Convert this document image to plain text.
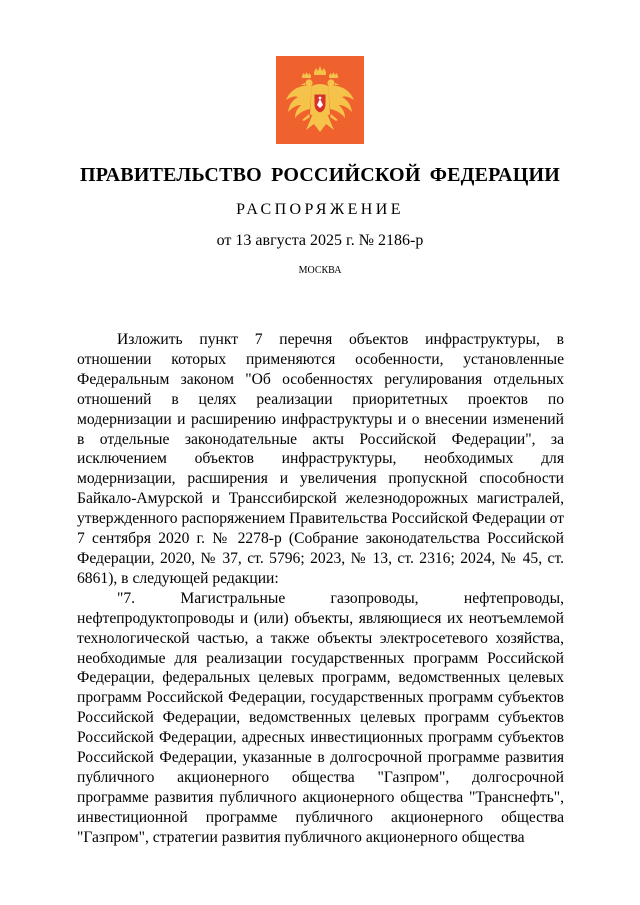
ПРАВИТЕЛЬСТВО РОССИЙСКОЙ ФЕДЕРАЦИИ
РАСПОРЯЖЕНИЕ
от 13 августа 2025 г. № 2186-р
МОСКВА

Изложить пункт 7 перечня объектов инфраструктуры, в отношении которых применяются особенности, установленные Федеральным законом "Об особенностях регулирования отдельных отношений в целях реализации приоритетных проектов по модернизации и расширению инфраструктуры и о внесении изменений в отдельные законодательные акты Российской Федерации", за исключением объектов инфраструктуры, необходимых для модернизации, расширения и увеличения пропускной способности Байкало-Амурской и Транссибирской железнодорожных магистралей, утвержденного распоряжением Правительства Российской Федерации от 7 сентября 2020 г. № 2278-р (Собрание законодательства Российской Федерации, 2020, № 37, ст. 5796; 2023, № 13, ст. 2316; 2024, № 45, ст. 6861), в следующей редакции:

"7. Магистральные газопроводы, нефтепроводы, нефтепродуктопроводы и (или) объекты, являющиеся их неотъемлемой технологической частью, а также объекты электросетевого хозяйства, необходимые для реализации государственных программ Российской Федерации, федеральных целевых программ, ведомственных целевых программ Российской Федерации, государственных программ субъектов Российской Федерации, ведомственных целевых программ субъектов Российской Федерации, адресных инвестиционных программ субъектов Российской Федерации, указанные в долгосрочной программе развития публичного акционерного общества "Газпром", долгосрочной программе развития публичного акционерного общества "Транснефть", инвестиционной программе публичного акционерного общества "Газпром", стратегии развития публичного акционерного общества
